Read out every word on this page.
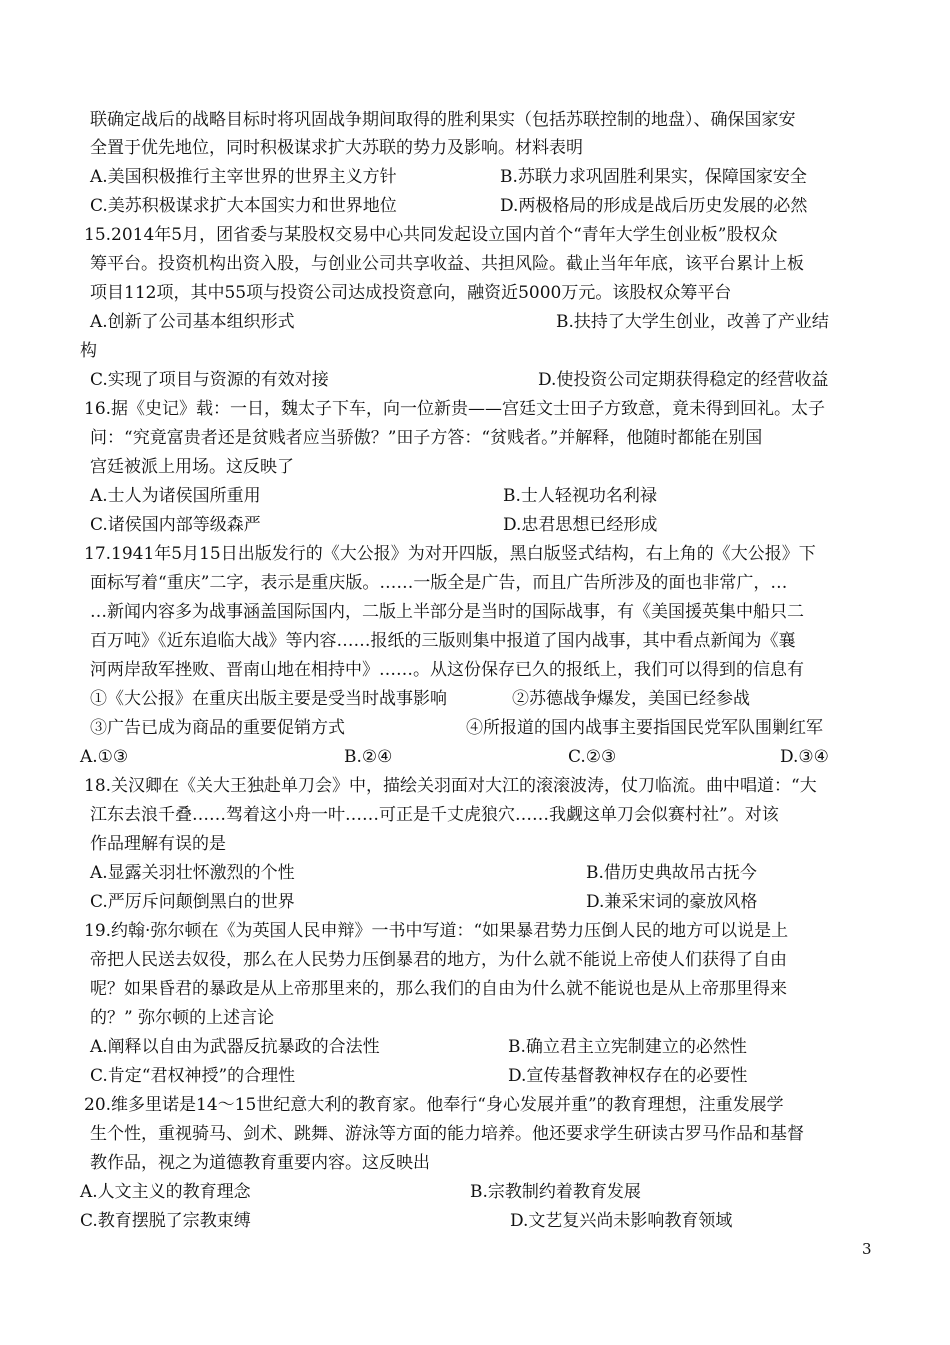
联确定战后的战略目标时将巩固战争期间取得的胜利果实（包括苏联控制的地盘）、确保国家安
全置于优先地位，同时积极谋求扩大苏联的势力及影响。材料表明
A.美国积极推行主宰世界的世界主义方针	B.苏联力求巩固胜利果实，保障国家安全
C.美苏积极谋求扩大本国实力和世界地位	D.两极格局的形成是战后历史发展的必然
15.2014年5月，团省委与某股权交易中心共同发起设立国内首个“青年大学生创业板”股权众
筹平台。投资机构出资入股，与创业公司共享收益、共担风险。截止当年年底，该平台累计上板
项目112项，其中55项与投资公司达成投资意向，融资近5000万元。该股权众筹平台
A.创新了公司基本组织形式	B.扶持了大学生创业，改善了产业结
构
C.实现了项目与资源的有效对接	D.使投资公司定期获得稳定的经营收益
16.据《史记》载：一日，魏太子下车，向一位新贵——宫廷文士田子方致意，竟未得到回礼。太子
问：“究竟富贵者还是贫贱者应当骄傲？”田子方答：“贫贱者。”并解释，他随时都能在别国
宫廷被派上用场。这反映了
A.士人为诸侯国所重用	B.士人轻视功名利禄
C.诸侯国内部等级森严	D.忠君思想已经形成
17.1941年5月15日出版发行的《大公报》为对开四版，黑白版竖式结构，右上角的《大公报》下
面标写着“重庆”二字，表示是重庆版。……一版全是广告，而且广告所涉及的面也非常广，…
…新闻内容多为战事涵盖国际国内，二版上半部分是当时的国际战事，有《美国援英集中船只二
百万吨》《近东追临大战》等内容……报纸的三版则集中报道了国内战事，其中看点新闻为《襄
河两岸敌军挫败、晋南山地在相持中》……。从这份保存已久的报纸上，我们可以得到的信息有
①《大公报》在重庆出版主要是受当时战事影响	②苏德战争爆发，美国已经参战
③广告已成为商品的重要促销方式	④所报道的国内战事主要指国民党军队围剿红军
A.①③	B.②④	C.②③	D.③④
18.关汉卿在《关大王独赴单刀会》中，描绘关羽面对大江的滚滚波涛，仗刀临流。曲中唱道：“大
江东去浪千叠……驾着这小舟一叶……可正是千丈虎狼穴……我觑这单刀会似赛村社”。对该
作品理解有误的是
A.显露关羽壮怀激烈的个性	B.借历史典故吊古抚今
C.严厉斥问颠倒黑白的世界	D.兼采宋词的豪放风格
19.约翰·弥尔顿在《为英国人民申辩》一书中写道：“如果暴君势力压倒人民的地方可以说是上
帝把人民送去奴役，那么在人民势力压倒暴君的地方，为什么就不能说上帝使人们获得了自由
呢？如果昏君的暴政是从上帝那里来的，那么我们的自由为什么就不能说也是从上帝那里得来
的？” 弥尔顿的上述言论
A.阐释以自由为武器反抗暴政的合法性	B.确立君主立宪制建立的必然性
C.肯定“君权神授”的合理性	D.宣传基督教神权存在的必要性
20.维多里诺是14～15世纪意大利的教育家。他奉行“身心发展并重”的教育理想，注重发展学
生个性，重视骑马、剑术、跳舞、游泳等方面的能力培养。他还要求学生研读古罗马作品和基督
教作品，视之为道德教育重要内容。这反映出
A.人文主义的教育理念	B.宗教制约着教育发展
C.教育摆脱了宗教束缚	D.文艺复兴尚未影响教育领域
3
